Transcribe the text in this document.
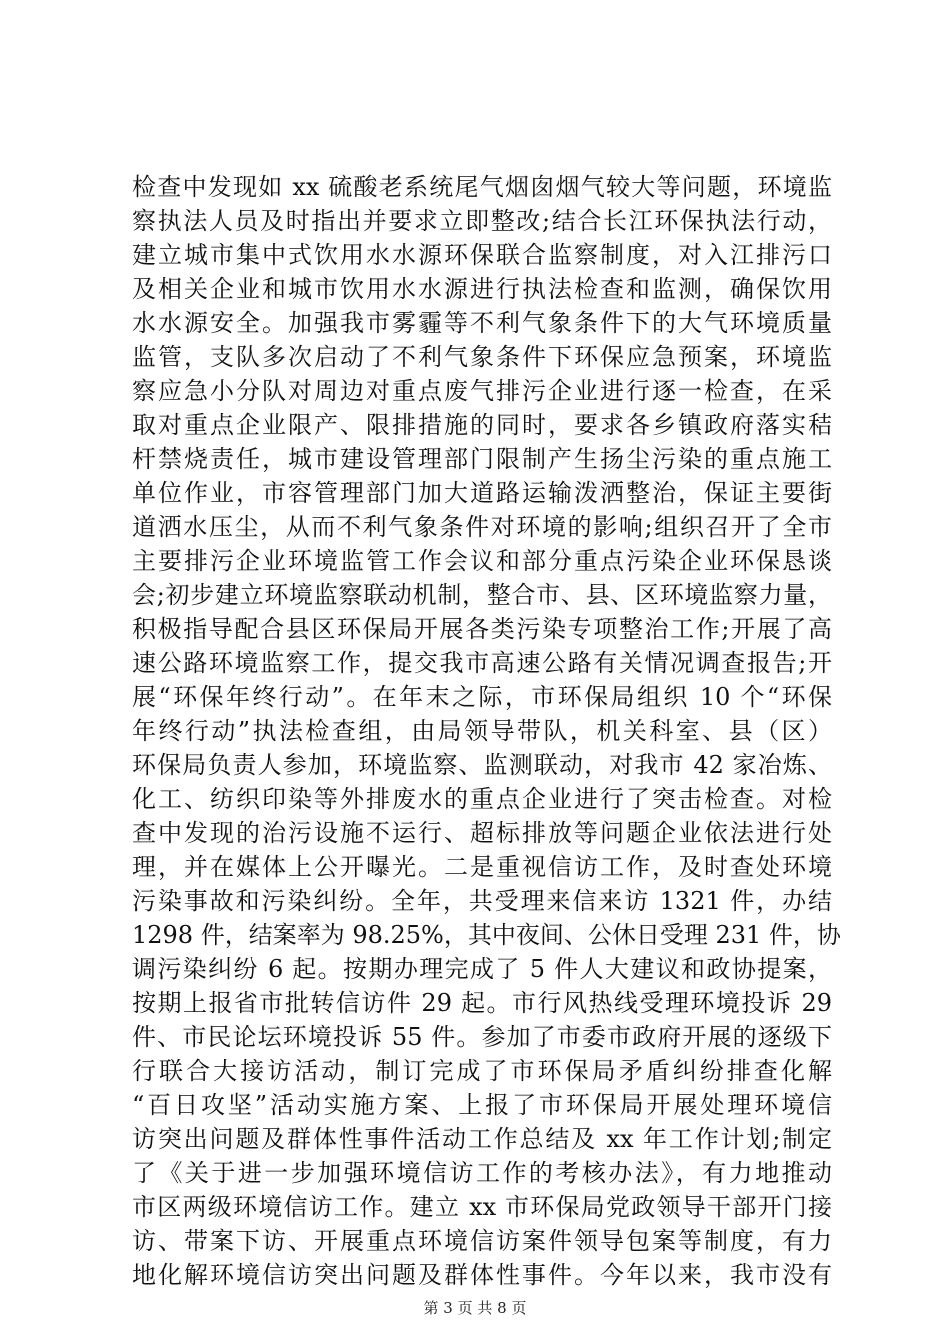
检查中发现如 xx 硫酸老系统尾气烟囱烟气较大等问题，环境监
察执法人员及时指出并要求立即整改;结合长江环保执法行动，
建立城市集中式饮用水水源环保联合监察制度，对入江排污口
及相关企业和城市饮用水水源进行执法检查和监测，确保饮用
水水源安全。加强我市雾霾等不利气象条件下的大气环境质量
监管，支队多次启动了不利气象条件下环保应急预案，环境监
察应急小分队对周边对重点废气排污企业进行逐一检查，在采
取对重点企业限产、限排措施的同时，要求各乡镇政府落实秸
杆禁烧责任，城市建设管理部门限制产生扬尘污染的重点施工
单位作业，市容管理部门加大道路运输泼洒整治，保证主要街
道洒水压尘，从而不利气象条件对环境的影响;组织召开了全市
主要排污企业环境监管工作会议和部分重点污染企业环保恳谈
会;初步建立环境监察联动机制，整合市、县、区环境监察力量，
积极指导配合县区环保局开展各类污染专项整治工作;开展了高
速公路环境监察工作，提交我市高速公路有关情况调查报告;开
展“环保年终行动”。在年末之际，市环保局组织 10 个“环保
年终行动”执法检查组，由局领导带队，机关科室、县（区）
环保局负责人参加，环境监察、监测联动，对我市 42 家冶炼、
化工、纺织印染等外排废水的重点企业进行了突击检查。对检
查中发现的治污设施不运行、超标排放等问题企业依法进行处
理，并在媒体上公开曝光。二是重视信访工作，及时查处环境
污染事故和污染纠纷。全年，共受理来信来访 1321 件，办结
1298 件，结案率为 98.25%，其中夜间、公休日受理 231 件，协
调污染纠纷 6 起。按期办理完成了 5 件人大建议和政协提案，
按期上报省市批转信访件 29 起。市行风热线受理环境投诉 29
件、市民论坛环境投诉 55 件。参加了市委市政府开展的逐级下
行联合大接访活动，制订完成了市环保局矛盾纠纷排查化解
“百日攻坚”活动实施方案、上报了市环保局开展处理环境信
访突出问题及群体性事件活动工作总结及 xx 年工作计划;制定
了《关于进一步加强环境信访工作的考核办法》，有力地推动
市区两级环境信访工作。建立 xx 市环保局党政领导干部开门接
访、带案下访、开展重点环境信访案件领导包案等制度，有力
地化解环境信访突出问题及群体性事件。今年以来，我市没有
第 3 页 共 8 页
